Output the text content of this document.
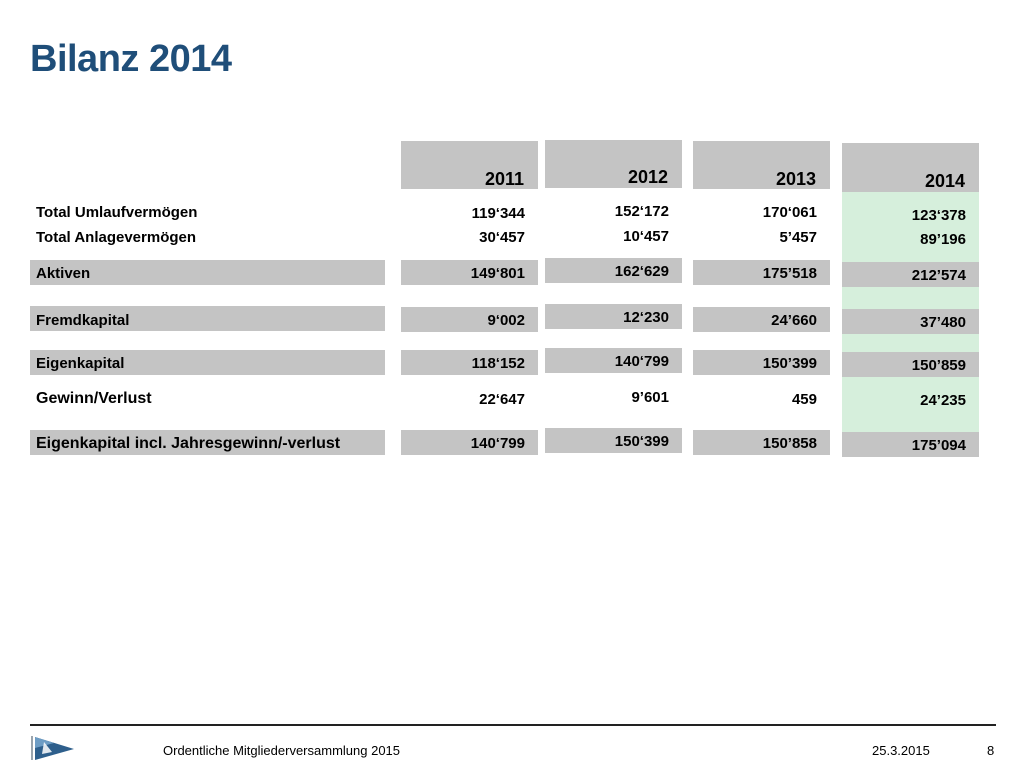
Bilanz 2014
2011	2012	2013	2014
Total Umlaufvermögen	119‘344	152‘172	170‘061	123‘378
Total Anlagevermögen	30‘457	10‘457	5’457	89’196
Aktiven	149‘801	162‘629	175’518	212’574
Fremdkapital	9‘002	12‘230	24’660	37’480
Eigenkapital	118‘152	140‘799	150’399	150’859
Gewinn/Verlust	22‘647	9’601	459	24’235
Eigenkapital incl. Jahresgewinn/-verlust	140‘799	150‘399	150’858	175’094
Ordentliche Mitgliederversammlung 2015	25.3.2015	8
